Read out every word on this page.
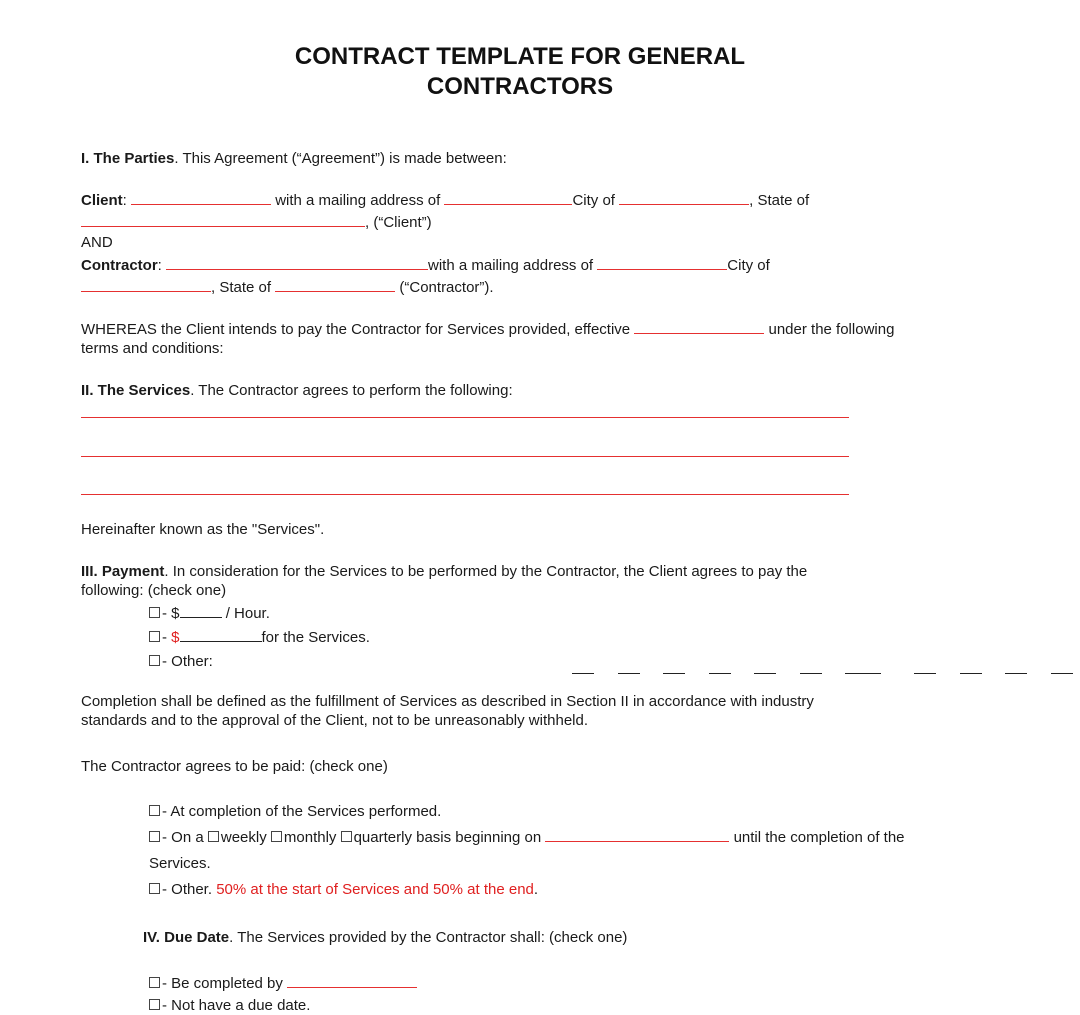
CONTRACT TEMPLATE FOR GENERAL
CONTRACTORS
I. The Parties. This Agreement (“Agreement”) is made between:
Client:	with a mailing address of	City of	, State of
, (“Client”)
AND
Contractor:	with a mailing address of	City of
, State of	(“Contractor”).
WHEREAS the Client intends to pay the Contractor for Services provided, effective	under the following
terms and conditions:
II. The Services. The Contractor agrees to perform the following:
Hereinafter known as the "Services".
III. Payment. In consideration for the Services to be performed by the Contractor, the Client agrees to pay the
following: (check one)
- $	/ Hour.
- $	for the Services.
- Other:
Completion shall be defined as the fulfillment of Services as described in Section II in accordance with industry
standards and to the approval of the Client, not to be unreasonably withheld.
The Contractor agrees to be paid: (check one)
- At completion of the Services performed.
- On a weekly monthly quarterly basis beginning on	until the completion of the
Services.
- Other. 50% at the start of Services and 50% at the end.
IV. Due Date. The Services provided by the Contractor shall: (check one)
- Be completed by
- Not have a due date.
